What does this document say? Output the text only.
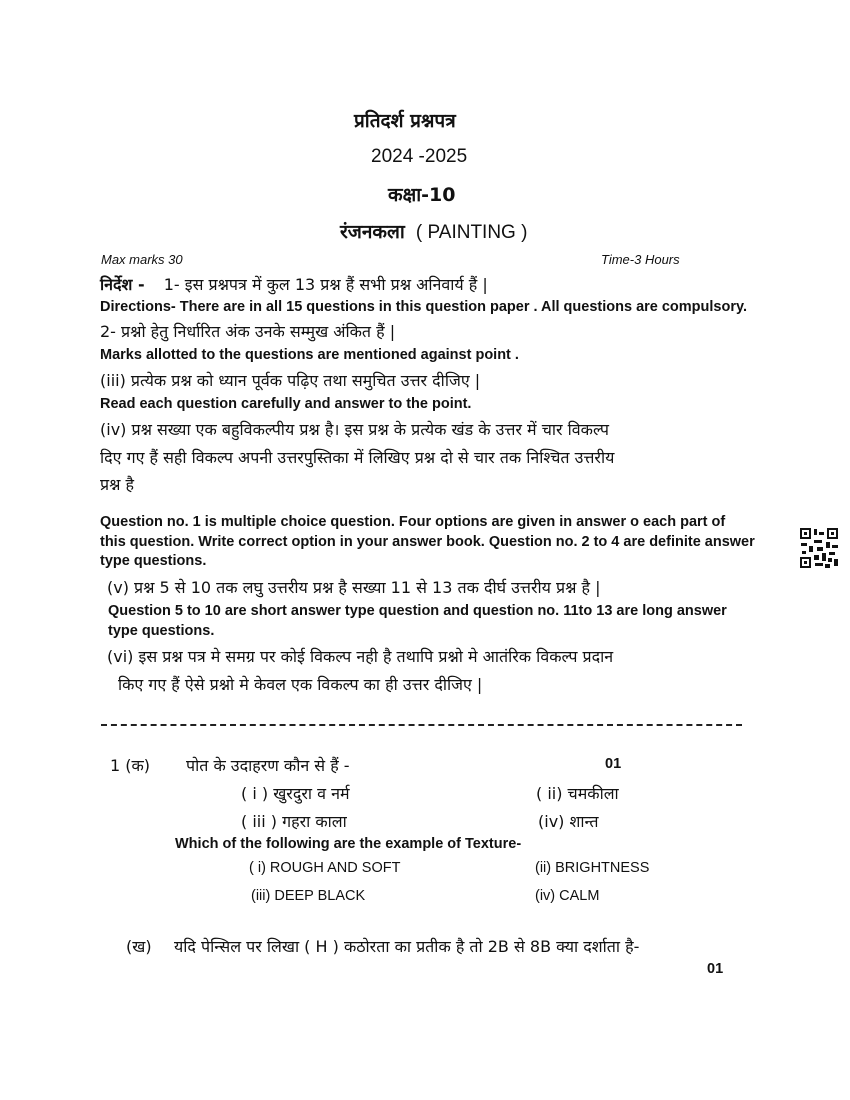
प्रतिदर्श प्रश्नपत्र
2024 -2025
कक्षा-10
रंजनकला ( PAINTING )
Max marks 30	Time-3 Hours
निर्देश - 1- इस प्रश्नपत्र में कुल 13 प्रश्न हैं सभी प्रश्न अनिवार्य हैं |
Directions- There are in all 15 questions in this question paper . All questions are compulsory.
2- प्रश्नो हेतु निर्धारित अंक उनके सम्मुख अंकित हैं |
Marks allotted to the questions are mentioned against point .
(iii) प्रत्येक प्रश्न को ध्यान पूर्वक पढ़िए तथा समुचित उत्तर दीजिए |
Read each question carefully and answer to the point.
(iv) प्रश्न सख्या एक बहुविकल्पीय प्रश्न है। इस प्रश्न के प्रत्येक खंड के उत्तर में चार विकल्प
दिए गए हैं सही विकल्प अपनी उत्तरपुस्तिका में लिखिए प्रश्न दो से चार तक निश्चित उत्तरीय
प्रश्न है
Question no. 1 is multiple choice question. Four options are given in answer o each part of
this question. Write correct option in your answer book. Question no. 2 to 4 are definite answer
type questions.
(v) प्रश्न 5 से 10 तक लघु उत्तरीय प्रश्न है सख्या 11 से 13 तक दीर्घ उत्तरीय प्रश्न है |
Question 5 to 10 are short answer type question and question no. 11to 13 are long answer
type questions.
(vi) इस प्रश्न पत्र मे समग्र पर कोई विकल्प नही है तथापि प्रश्नो मे आतंरिक विकल्प प्रदान
किए गए हैं ऐसे प्रश्नो मे केवल एक विकल्प का ही उत्तर दीजिए |
1 (क) पोत के उदाहरण कौन से हैं -	01
( i ) खुरदुरा व नर्म	( ii) चमकीला
( iii ) गहरा काला	(iv) शान्त
Which of the following are the example of Texture-
( i) ROUGH AND SOFT	(ii) BRIGHTNESS
(iii) DEEP BLACK	(iv) CALM
(ख) यदि पेन्सिल पर लिखा ( H ) कठोरता का प्रतीक है तो 2B से 8B क्या दर्शाता है-
01
